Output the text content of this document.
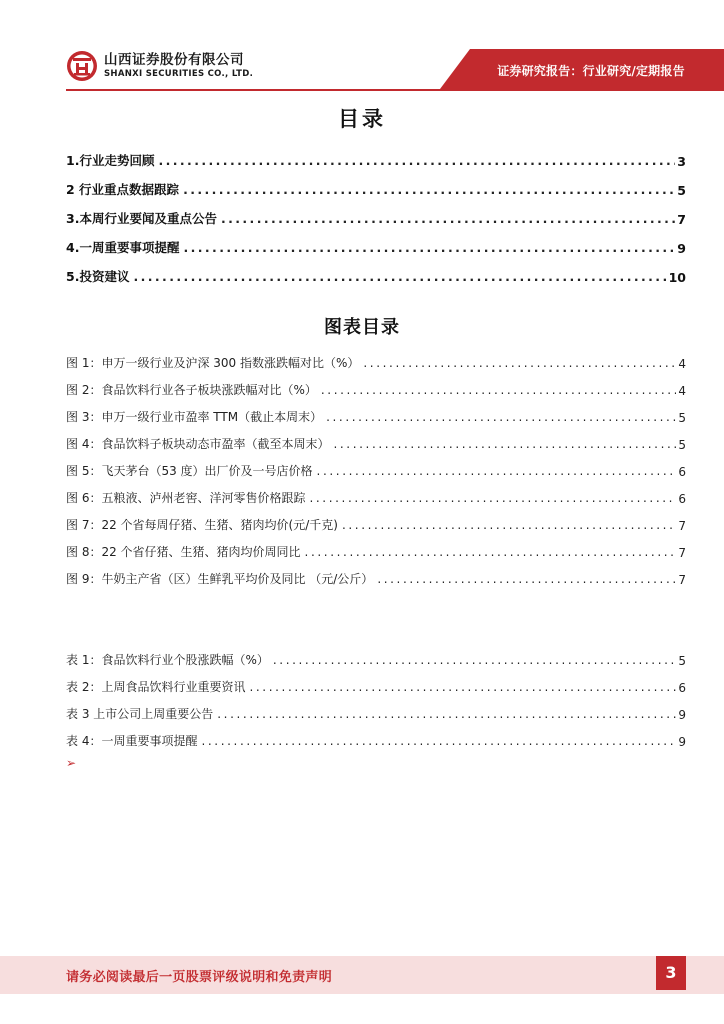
山西证券股份有限公司
SHANXI SECURITIES CO., LTD.	证券研究报告：行业研究/定期报告
目录
1.行业走势回顾 .....	3
2 行业重点数据跟踪 .....	5
3.本周行业要闻及重点公告 .....	7
4.一周重要事项提醒 .....	9
5.投资建议 .....	10
图表目录
图 1：申万一级行业及沪深 300 指数涨跌幅对比（%） .....	4
图 2：食品饮料行业各子板块涨跌幅对比（%） .....	4
图 3：申万一级行业市盈率 TTM（截止本周末） .....	5
图 4：食品饮料子板块动态市盈率（截至本周末） .....	5
图 5：飞天茅台（53 度）出厂价及一号店价格 .....	6
图 6：五粮液、泸州老窖、洋河零售价格跟踪 .....	6
图 7：22 个省每周仔猪、生猪、猪肉均价(元/千克) .....	7
图 8：22 个省仔猪、生猪、猪肉均价周同比 .....	7
图 9：牛奶主产省（区）生鲜乳平均价及同比 （元/公斤） .....	7
表 1：食品饮料行业个股涨跌幅（%） .....	5
表 2：上周食品饮料行业重要资讯 .....	6
表 3 上市公司上周重要公告 .....	9
表 4：一周重要事项提醒 .....	9
➢
请务必阅读最后一页股票评级说明和免责声明	3
